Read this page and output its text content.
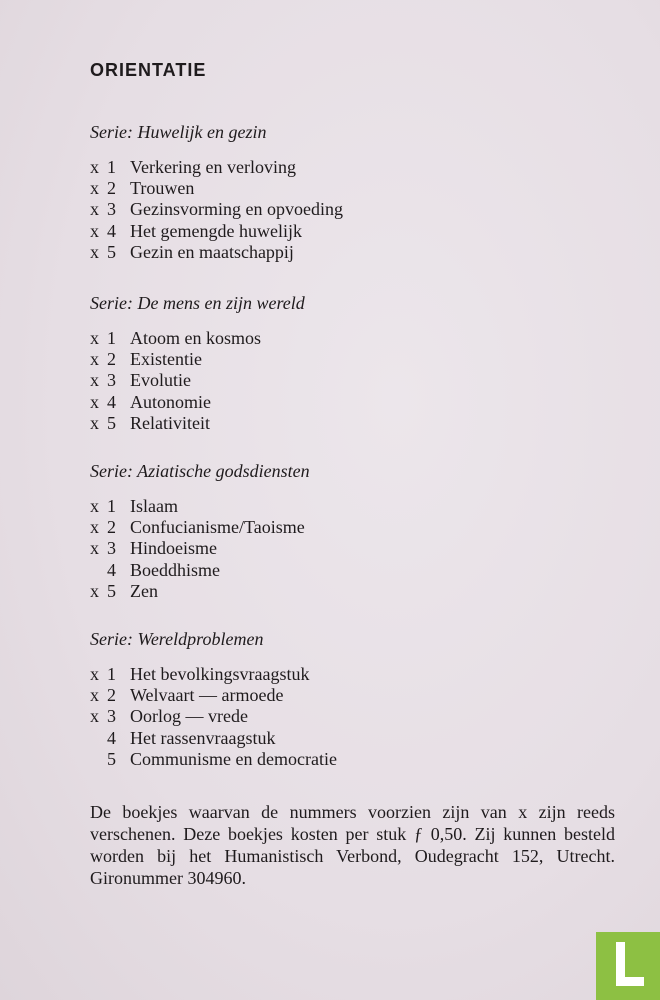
ORIENTATIE
Serie: Huwelijk en gezin
x 1 Verkering en verloving
x 2 Trouwen
x 3 Gezinsvorming en opvoeding
x 4 Het gemengde huwelijk
x 5 Gezin en maatschappij
Serie: De mens en zijn wereld
x 1 Atoom en kosmos
x 2 Existentie
x 3 Evolutie
x 4 Autonomie
x 5 Relativiteit
Serie: Aziatische godsdiensten
x 1 Islaam
x 2 Confucianisme/Taoisme
x 3 Hindoeisme
4 Boeddhisme
x 5 Zen
Serie: Wereldproblemen
x 1 Het bevolkingsvraagstuk
x 2 Welvaart — armoede
x 3 Oorlog — vrede
4 Het rassenvraagstuk
5 Communisme en democratie
De boekjes waarvan de nummers voorzien zijn van x zijn reeds verschenen. Deze boekjes kosten per stuk ƒ 0,50. Zij kunnen besteld worden bij het Humanistisch Verbond, Oudegracht 152, Utrecht. Gironummer 304960.
